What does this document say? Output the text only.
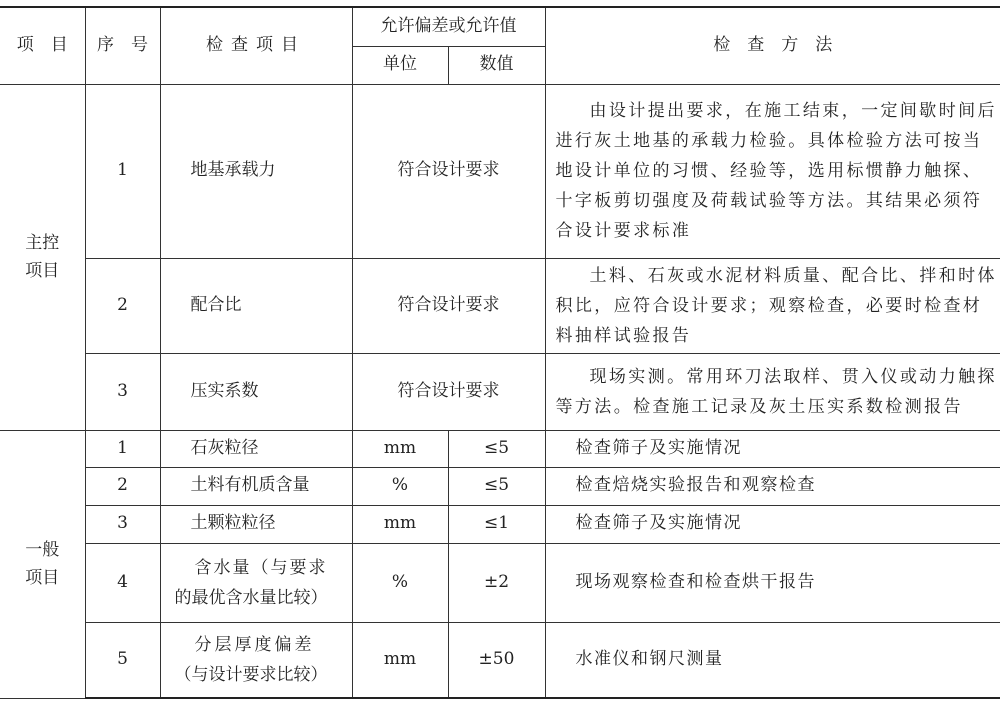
项　目	序　号	检查项目	允许偏差或允许值		检　查　方　法
			单位	数值	
主控项目	1	地基承载力	符合设计要求		由设计提出要求，在施工结束，一定间歇时间后
进行灰土地基的承载力检验。具体检验方法可按当
地设计单位的习惯、经验等，选用标惯静力触探、
十字板剪切强度及荷载试验等方法。其结果必须符
合设计要求标准

	2	配合比	符合设计要求		土料、石灰或水泥材料质量、配合比、拌和时体
积比，应符合设计要求；观察检查，必要时检查材
料抽样试验报告

	3	压实系数	符合设计要求		现场实测。常用环刀法取样、贯入仪或动力触探
等方法。检查施工记录及灰土压实系数检测报告

一般项目	1	石灰粒径	mm	≤5	检查筛子及实施情况
	2	土料有机质含量	%	≤5	检查焙烧实验报告和观察检查
	3	土颗粒粒径	mm	≤1	检查筛子及实施情况
	4	含水量（与要求
的最优含水量比较）	%	±2	现场观察检查和检查烘干报告
	5	分层厚度偏差
（与设计要求比较）	mm	±50	水准仪和钢尺测量
